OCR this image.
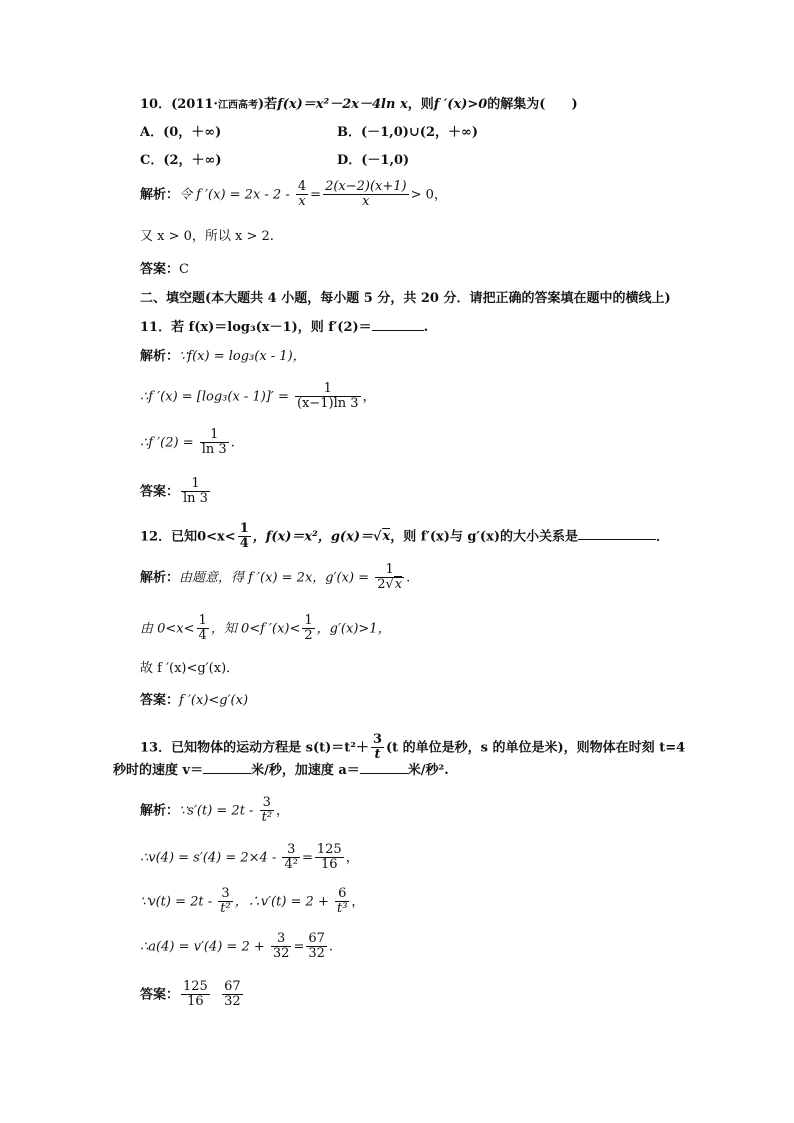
10．(2011·江西高考)若f(x)＝x²－2x－4ln x，则f ′(x)>0的解集为(　　)
A．(0，＋∞)	B．(－1,0)∪(2，＋∞)
C．(2，＋∞)	D．(－1,0)
解析：令 f $'(x) = 2x - 2 - \frac{4}{x} = \frac{2(x-2)(x+1)}{x} > 0$，
又 x > 0，所以 x > 2.
答案：C
二、填空题(本大题共 4 小题，每小题 5 分，共 20 分．请把正确的答案填在题中的横线上)
11．若 f(x)＝log₃(x－1)，则 f′(2)＝	.
解析：∵f(x) = log₃(x - 1)，
∴f $'(x) = [\log_3(x - 1)]' = \frac{1}{(x-1)\ln 3}$ ，
∴f $'(2) = \frac{1}{\ln 3}$ .
答案： $\frac{1}{\ln 3}$
12．已知$0<x< \frac{1}{4}$ ，f(x)＝x²，g(x)＝√x，则 f′(x)与 g′(x)的大小关系是	．
解析：由题意，得 f ′(x) = 2x，$g'(x) = \frac{1}{2√x}$ .
由 $0<x< \frac{1}{4}$ ，知 0<f $'(x)< \frac{1}{2}$ ，g′(x)>1，
故 f ′(x)<g′(x)．
答案：f ′(x)<g′(x)
13．已知物体的运动方程是 $s(t)=t^2+ \frac{3}{t} (t$ 的单位是秒，s 的单位是米)，则物体在时刻 t=4
秒时的速度 v＝	米/秒，加速度 a＝	米/秒².
解析：∵s′(t) = $2t - \frac{3}{\text{t²}}$ ，
∴v(4) = $s'(4) = 2\times 4 - \frac{3}{\text{4²}} = \frac{125}{16}$ ，
∵v(t) = $2t - \frac{3}{\text{t²}}$ ，∴v′(t) = $2 + \frac{6}{\text{t³}}$ ，
∴a(4) = $v'(4) = 2 + \frac{3}{32} = \frac{67}{32}$ .
答案： $\frac{125}{16}$
$\frac{67}{32}$
